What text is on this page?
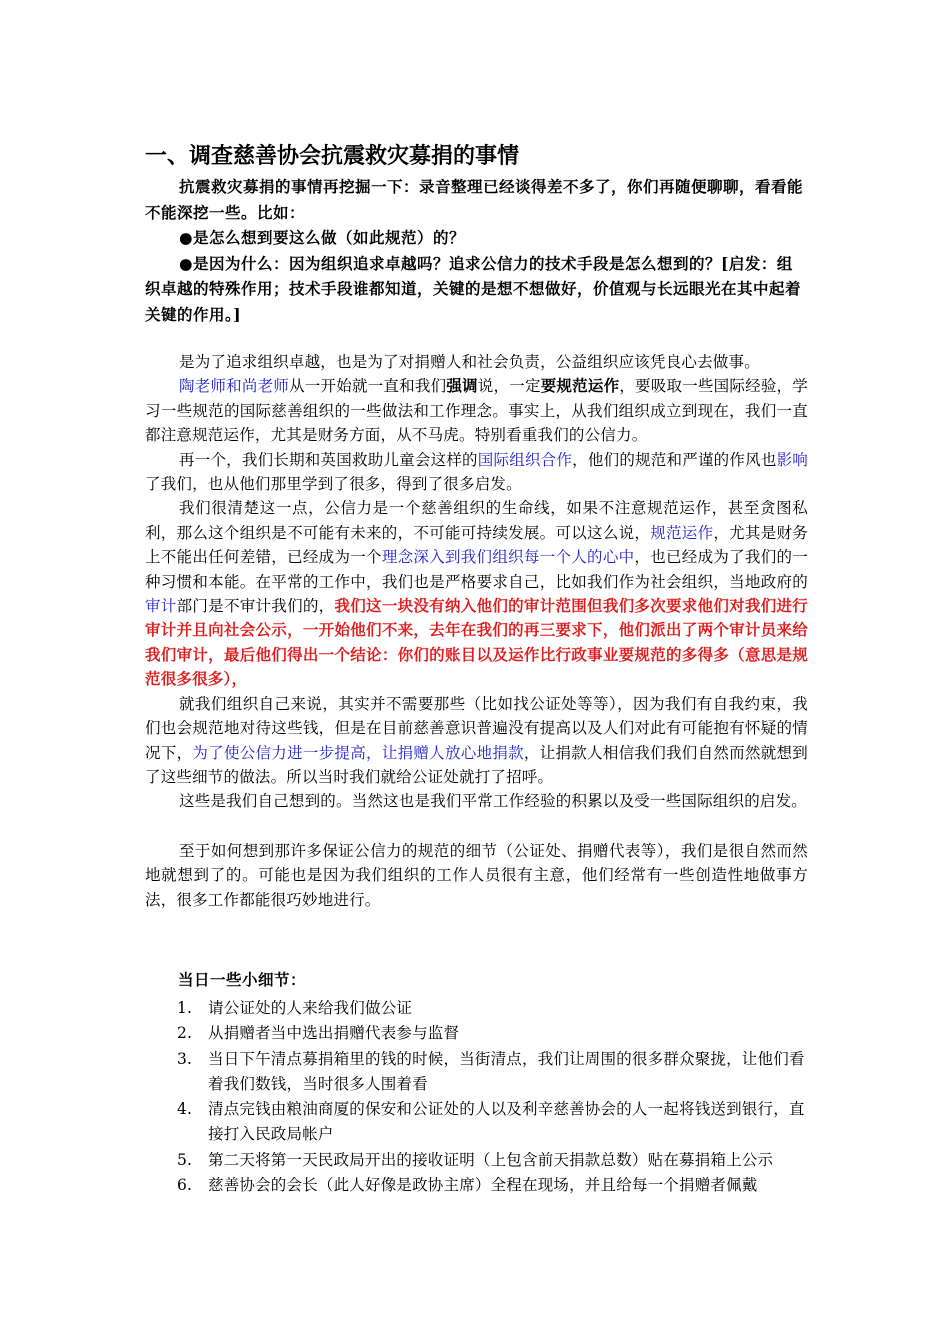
一、调查慈善协会抗震救灾募捐的事情

抗震救灾募捐的事情再挖掘一下：录音整理已经谈得差不多了，你们再随便聊聊，看看能不能深挖一些。比如：

●是怎么想到要这么做（如此规范）的？

●是因为什么：因为组织追求卓越吗？追求公信力的技术手段是怎么想到的？[启发：组织卓越的特殊作用；技术手段谁都知道，关键的是想不想做好，价值观与长远眼光在其中起着关键的作用。]

是为了追求组织卓越，也是为了对捐赠人和社会负责，公益组织应该凭良心去做事。

陶老师和尚老师从一开始就一直和我们强调说，一定要规范运作，要吸取一些国际经验，学习一些规范的国际慈善组织的一些做法和工作理念。事实上，从我们组织成立到现在，我们一直都注意规范运作，尤其是财务方面，从不马虎。特别看重我们的公信力。

再一个，我们长期和英国救助儿童会这样的国际组织合作，他们的规范和严谨的作风也影响了我们，也从他们那里学到了很多，得到了很多启发。

我们很清楚这一点，公信力是一个慈善组织的生命线，如果不注意规范运作，甚至贪图私利，那么这个组织是不可能有未来的，不可能可持续发展。可以这么说，规范运作，尤其是财务上不能出任何差错，已经成为一个理念深入到我们组织每一个人的心中，也已经成为了我们的一种习惯和本能。在平常的工作中，我们也是严格要求自己，比如我们作为社会组织，当地政府的审计部门是不审计我们的，我们这一块没有纳入他们的审计范围但我们多次要求他们对我们进行审计并且向社会公示，一开始他们不来，去年在我们的再三要求下，他们派出了两个审计员来给我们审计，最后他们得出一个结论：你们的账目以及运作比行政事业要规范的多得多（意思是规范很多很多），

就我们组织自己来说，其实并不需要那些（比如找公证处等等），因为我们有自我约束，我们也会规范地对待这些钱，但是在目前慈善意识普遍没有提高以及人们对此有可能抱有怀疑的情况下，为了使公信力进一步提高，让捐赠人放心地捐款，让捐款人相信我们我们自然而然就想到了这些细节的做法。所以当时我们就给公证处就打了招呼。

这些是我们自己想到的。当然这也是我们平常工作经验的积累以及受一些国际组织的启发。

至于如何想到那许多保证公信力的规范的细节（公证处、捐赠代表等），我们是很自然而然地就想到了的。可能也是因为我们组织的工作人员很有主意，他们经常有一些创造性地做事方法，很多工作都能很巧妙地进行。

当日一些小细节：
1. 请公证处的人来给我们做公证
2. 从捐赠者当中选出捐赠代表参与监督
3. 当日下午清点募捐箱里的钱的时候，当街清点，我们让周围的很多群众聚拢，让他们看着我们数钱，当时很多人围着看
4. 清点完钱由粮油商厦的保安和公证处的人以及利辛慈善协会的人一起将钱送到银行，直接打入民政局帐户
5. 第二天将第一天民政局开出的接收证明（上包含前天捐款总数）贴在募捐箱上公示
6. 慈善协会的会长（此人好像是政协主席）全程在现场，并且给每一个捐赠者佩戴
